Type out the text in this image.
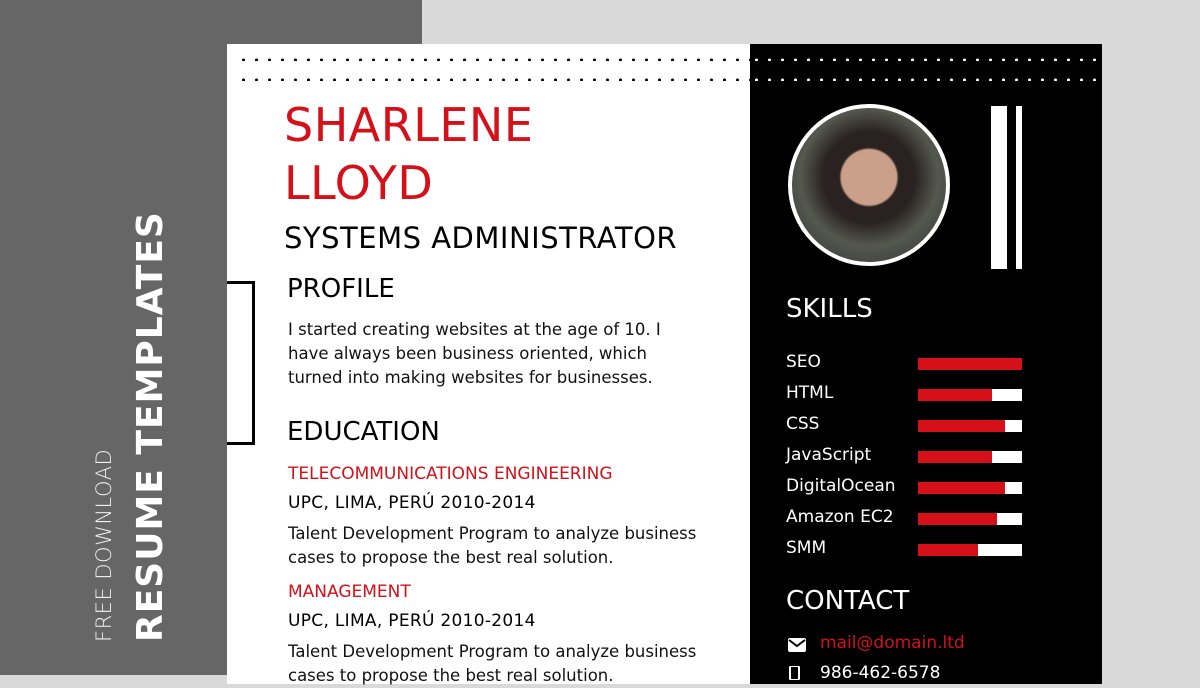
FREE DOWNLOAD RESUME TEMPLATES
SHARLENE
LLOYD
SYSTEMS ADMINISTRATOR
PROFILE
I started creating websites at the age of 10. I
have always been business oriented, which
turned into making websites for businesses.
EDUCATION
TELECOMMUNICATIONS ENGINEERING
UPC, LIMA, PERÚ 2010-2014
Talent Development Program to analyze business
cases to propose the best real solution.
MANAGEMENT
UPC, LIMA, PERÚ 2010-2014
Talent Development Program to analyze business
cases to propose the best real solution.
SKILLS
SEO
HTML
CSS
JavaScript
DigitalOcean
Amazon EC2
SMM
CONTACT
mail@domain.ltd
986-462-6578
